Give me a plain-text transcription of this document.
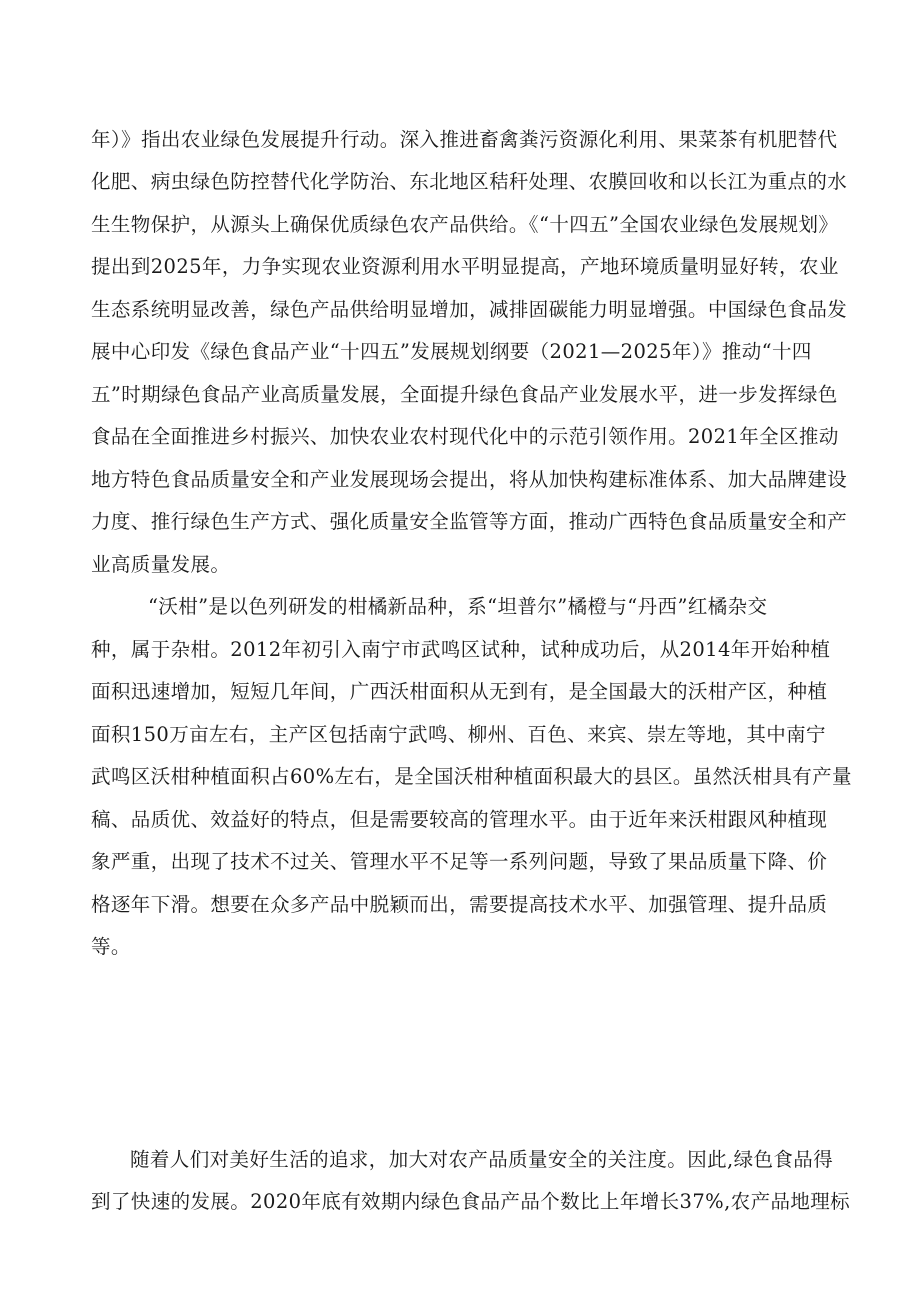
年）》指出农业绿色发展提升行动。深入推进畜禽粪污资源化利用、果菜茶有机肥替代
化肥、病虫绿色防控替代化学防治、东北地区秸秆处理、农膜回收和以长江为重点的水
生生物保护，从源头上确保优质绿色农产品供给。《“十四五”全国农业绿色发展规划》
提出到2025年，力争实现农业资源利用水平明显提高，产地环境质量明显好转，农业
生态系统明显改善，绿色产品供给明显增加，减排固碳能力明显增强。中国绿色食品发
展中心印发《绿色食品产业“十四五”发展规划纲要（2021—2025年）》推动“十四
五”时期绿色食品产业高质量发展，全面提升绿色食品产业发展水平，进一步发挥绿色
食品在全面推进乡村振兴、加快农业农村现代化中的示范引领作用。2021年全区推动
地方特色食品质量安全和产业发展现场会提出，将从加快构建标准体系、加大品牌建设
力度、推行绿色生产方式、强化质量安全监管等方面，推动广西特色食品质量安全和产
业高质量发展。
“沃柑”是以色列研发的柑橘新品种，系“坦普尔”橘橙与“丹西”红橘杂交
种，属于杂柑。2012年初引入南宁市武鸣区试种，试种成功后，从2014年开始种植
面积迅速增加，短短几年间，广西沃柑面积从无到有，是全国最大的沃柑产区，种植
面积150万亩左右，主产区包括南宁武鸣、柳州、百色、来宾、崇左等地，其中南宁
武鸣区沃柑种植面积占60%左右，是全国沃柑种植面积最大的县区。虽然沃柑具有产量
稿、品质优、效益好的特点，但是需要较高的管理水平。由于近年来沃柑跟风种植现
象严重，出现了技术不过关、管理水平不足等一系列问题，导致了果品质量下降、价
格逐年下滑。想要在众多产品中脱颖而出，需要提高技术水平、加强管理、提升品质
等。
随着人们对美好生活的追求，加大对农产品质量安全的关注度。因此,绿色食品得
到了快速的发展。2020年底有效期内绿色食品产品个数比上年增长37%,农产品地理标
